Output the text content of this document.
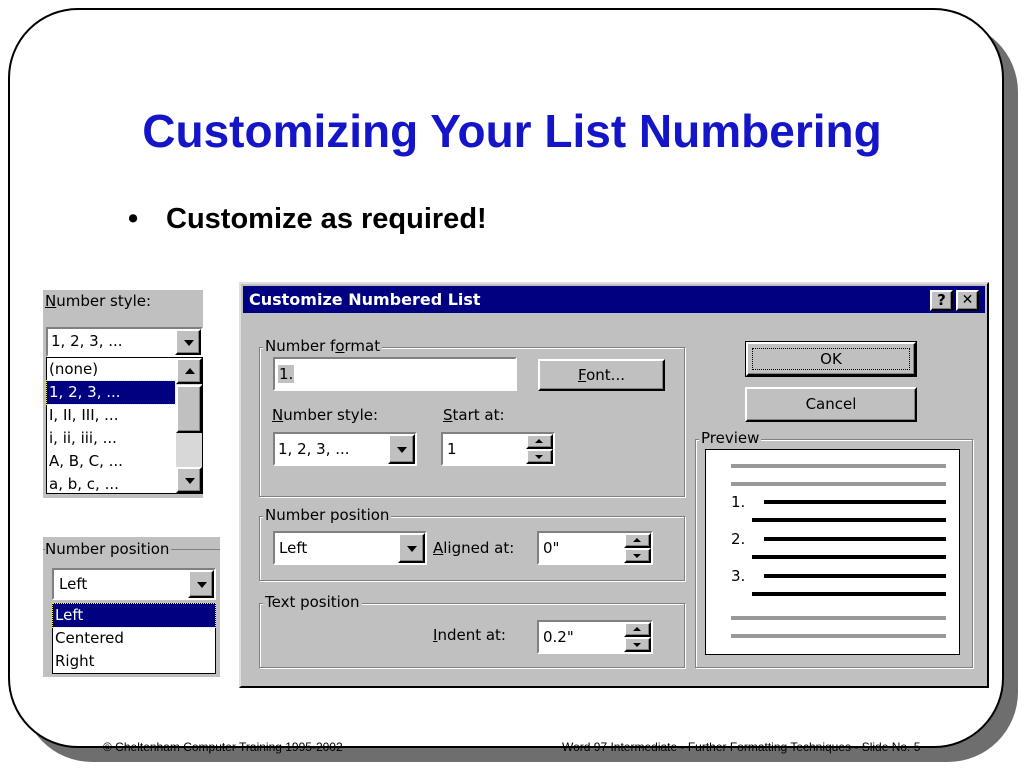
Customizing Your List Numbering
• Customize as required!
© Cheltenham Computer Training 1995-2002	Word 97 Intermediate - Further Formatting Techniques - Slide No. 5
Number style:
1, 2, 3, ...
(none)
1, 2, 3, ...
I, II, III, ...
i, ii, iii, ...
A, B, C, ...
a, b, c, ...
Number position
Left
Left
Centered
Right
Customize Numbered List	?	✕
Number format
1.	Font...
Number style:	Start at:
1, 2, 3, ...	1
Number position
Left	Aligned at: 0"
Text position
Indent at: 0.2"
OK
Cancel
Preview
1.
2.
3.
